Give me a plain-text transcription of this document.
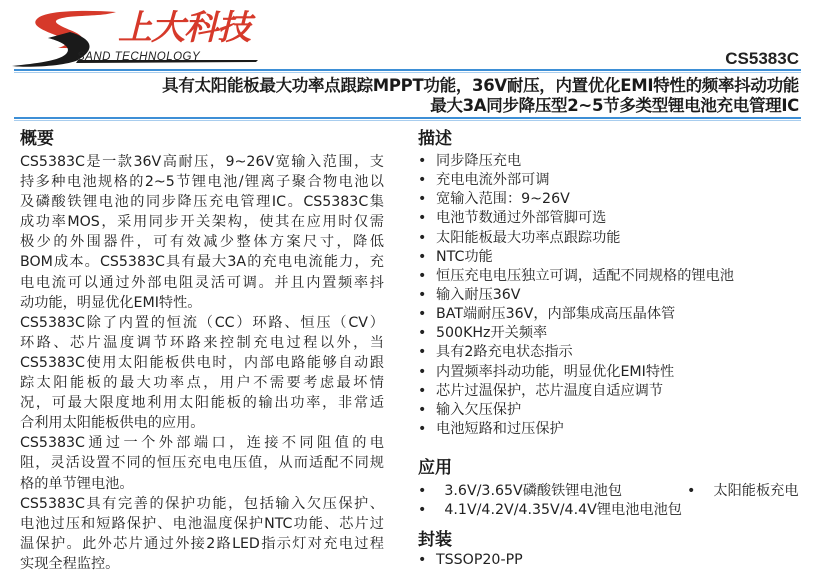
上大科技
SAND TECHNOLOGY	CS5383C
具有太阳能板最大功率点跟踪MPPT功能，36V耐压，内置优化EMI特性的频率抖动功能
最大3A同步降压型2~5节多类型锂电池充电管理IC
概要
CS5383C是一款36V高耐压，9~26V宽输入范围，支
持多种电池规格的2~5节锂电池/锂离子聚合物电池以
及磷酸铁锂电池的同步降压充电管理IC。CS5383C集
成功率MOS，采用同步开关架构，使其在应用时仅需
极少的外围器件，可有效减少整体方案尺寸，降低
BOM成本。CS5383C具有最大3A的充电电流能力，充
电电流可以通过外部电阻灵活可调。并且内置频率抖
动功能，明显优化EMI特性。
CS5383C除了内置的恒流（CC）环路、恒压（CV）
环路、芯片温度调节环路来控制充电过程以外，当
CS5383C使用太阳能板供电时，内部电路能够自动跟
踪太阳能板的最大功率点，用户不需要考虑最坏情
况，可最大限度地利用太阳能板的输出功率，非常适
合利用太阳能板供电的应用。
CS5383C通过一个外部端口，连接不同阻值的电
阻，灵活设置不同的恒压充电电压值，从而适配不同规
格的单节锂电池。
CS5383C具有完善的保护功能，包括输入欠压保护、
电池过压和短路保护、电池温度保护NTC功能、芯片过
温保护。此外芯片通过外接2路LED指示灯对充电过程
实现全程监控。
描述
• 同步降压充电
• 充电电流外部可调
• 宽输入范围：9~26V
• 电池节数通过外部管脚可选
• 太阳能板最大功率点跟踪功能
• NTC功能
• 恒压充电电压独立可调，适配不同规格的锂电池
• 输入耐压36V
• BAT端耐压36V，内部集成高压晶体管
• 500KHz开关频率
• 具有2路充电状态指示
• 内置频率抖动功能，明显优化EMI特性
• 芯片过温保护，芯片温度自适应调节
• 输入欠压保护
• 电池短路和过压保护
应用
• 3.6V/3.65V磷酸铁锂电池包	• 太阳能板充电
• 4.1V/4.2V/4.35V/4.4V锂电池电池包
封装
• TSSOP20-PP
